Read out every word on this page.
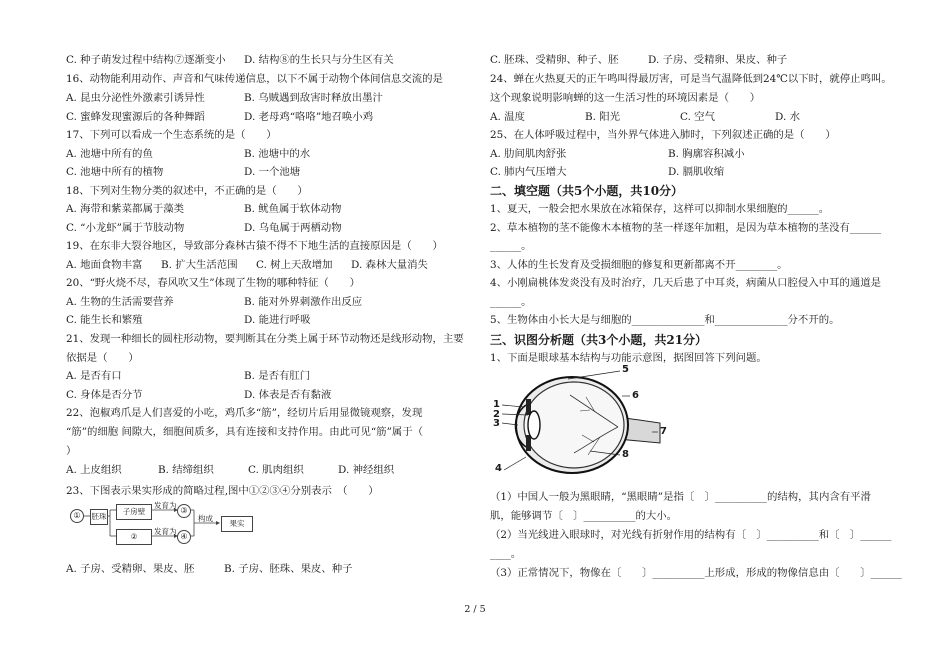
C. 种子萌发过程中结构⑦逐渐变小 D. 结构⑧的生长只与分生区有关
16、动物能利用动作、声音和气味传递信息，以下不属于动物个体间信息交流的是
A. 昆虫分泌性外激素引诱异性	B. 乌贼遇到敌害时释放出墨汁
C. 蜜蜂发现蜜源后的各种舞蹈	D. 老母鸡“咯咯”地召唤小鸡
17、下列可以看成一个生态系统的是（　　）
A. 池塘中所有的鱼	B. 池塘中的水
C. 池塘中所有的植物	D. 一个池塘
18、下列对生物分类的叙述中，不正确的是（　　）
A. 海带和紫菜都属于藻类	B. 鱿鱼属于软体动物
C. “小龙虾”属于节肢动物	D. 乌龟属于两栖动物
19、在东非大裂谷地区，导致部分森林古猿不得不下地生活的直接原因是（　　）
A. 地面食物丰富 B. 扩大生活范围 C. 树上天敌增加 D. 森林大量消失
20、“野火烧不尽，春风吹又生”体现了生物的哪种特征（　　）
A. 生物的生活需要营养	B. 能对外界刺激作出反应
C. 能生长和繁殖	D. 能进行呼吸
21、发现一种细长的圆柱形动物，要判断其在分类上属于环节动物还是线形动物，主要
依据是（　　）
A. 是否有口	B. 是否有肛门
C. 身体是否分节	D. 体表是否有黏液
22、泡椒鸡爪是人们喜爱的小吃，鸡爪多“筋”，经切片后用显微镜观察，发现
“筋”的细胞 间隙大，细胞间质多，具有连接和支持作用。由此可见“筋”属于（
）
A. 上皮组织	B. 结缔组织	C. 肌肉组织	D. 神经组织
23、下图表示果实形成的简略过程,图中①②③④分别表示　（　　）
①	胚珠
子房壁
②
发育为
发育为
③
④
构成
果实
A. 子房、受精卵、果皮、胚	B. 子房、胚珠、果皮、种子
C. 胚珠、受精卵、种子、胚	D. 子房、受精卵、果皮、种子
24、蝉在火热夏天的正午鸣叫得最厉害，可是当气温降低到24℃以下时，就停止鸣叫。
这个现象说明影响蝉的这一生活习性的环境因素是（　　）
A. 温度	B. 阳光	C. 空气	D. 水
25、在人体呼吸过程中，当外界气体进入肺时，下列叙述正确的是（　　）
A. 肋间肌肉舒张	B. 胸廓容积减小
C. 肺内气压增大	D. 膈肌收缩
二、填空题（共5个小题，共10分）
1、夏天，一般会把水果放在冰箱保存，这样可以抑制水果细胞的______。
2、草本植物的茎不能像木本植物的茎一样逐年加粗，是因为草本植物的茎没有______
______。
3、人体的生长发育及受损细胞的修复和更新都离不开________。
4、小刚扁桃体发炎没有及时治疗，几天后患了中耳炎，病菌从口腔侵入中耳的通道是
______。
5、生物体由小长大是与细胞的______________和______________分不开的。
三、识图分析题（共3个小题，共21分）
1、下面是眼球基本结构与功能示意图，据图回答下列问题。
1
2
3
4
5
6
7
8
（1）中国人一般为黑眼睛，“黑眼睛”是指〔　〕__________的结构，其内含有平滑
肌，能够调节〔　〕__________的大小。
（2）当光线进入眼球时，对光线有折射作用的结构有〔　〕__________和〔　〕______
____。
（3）正常情况下，物像在〔　　〕__________上形成，形成的物像信息由〔　　〕______
2 / 5
